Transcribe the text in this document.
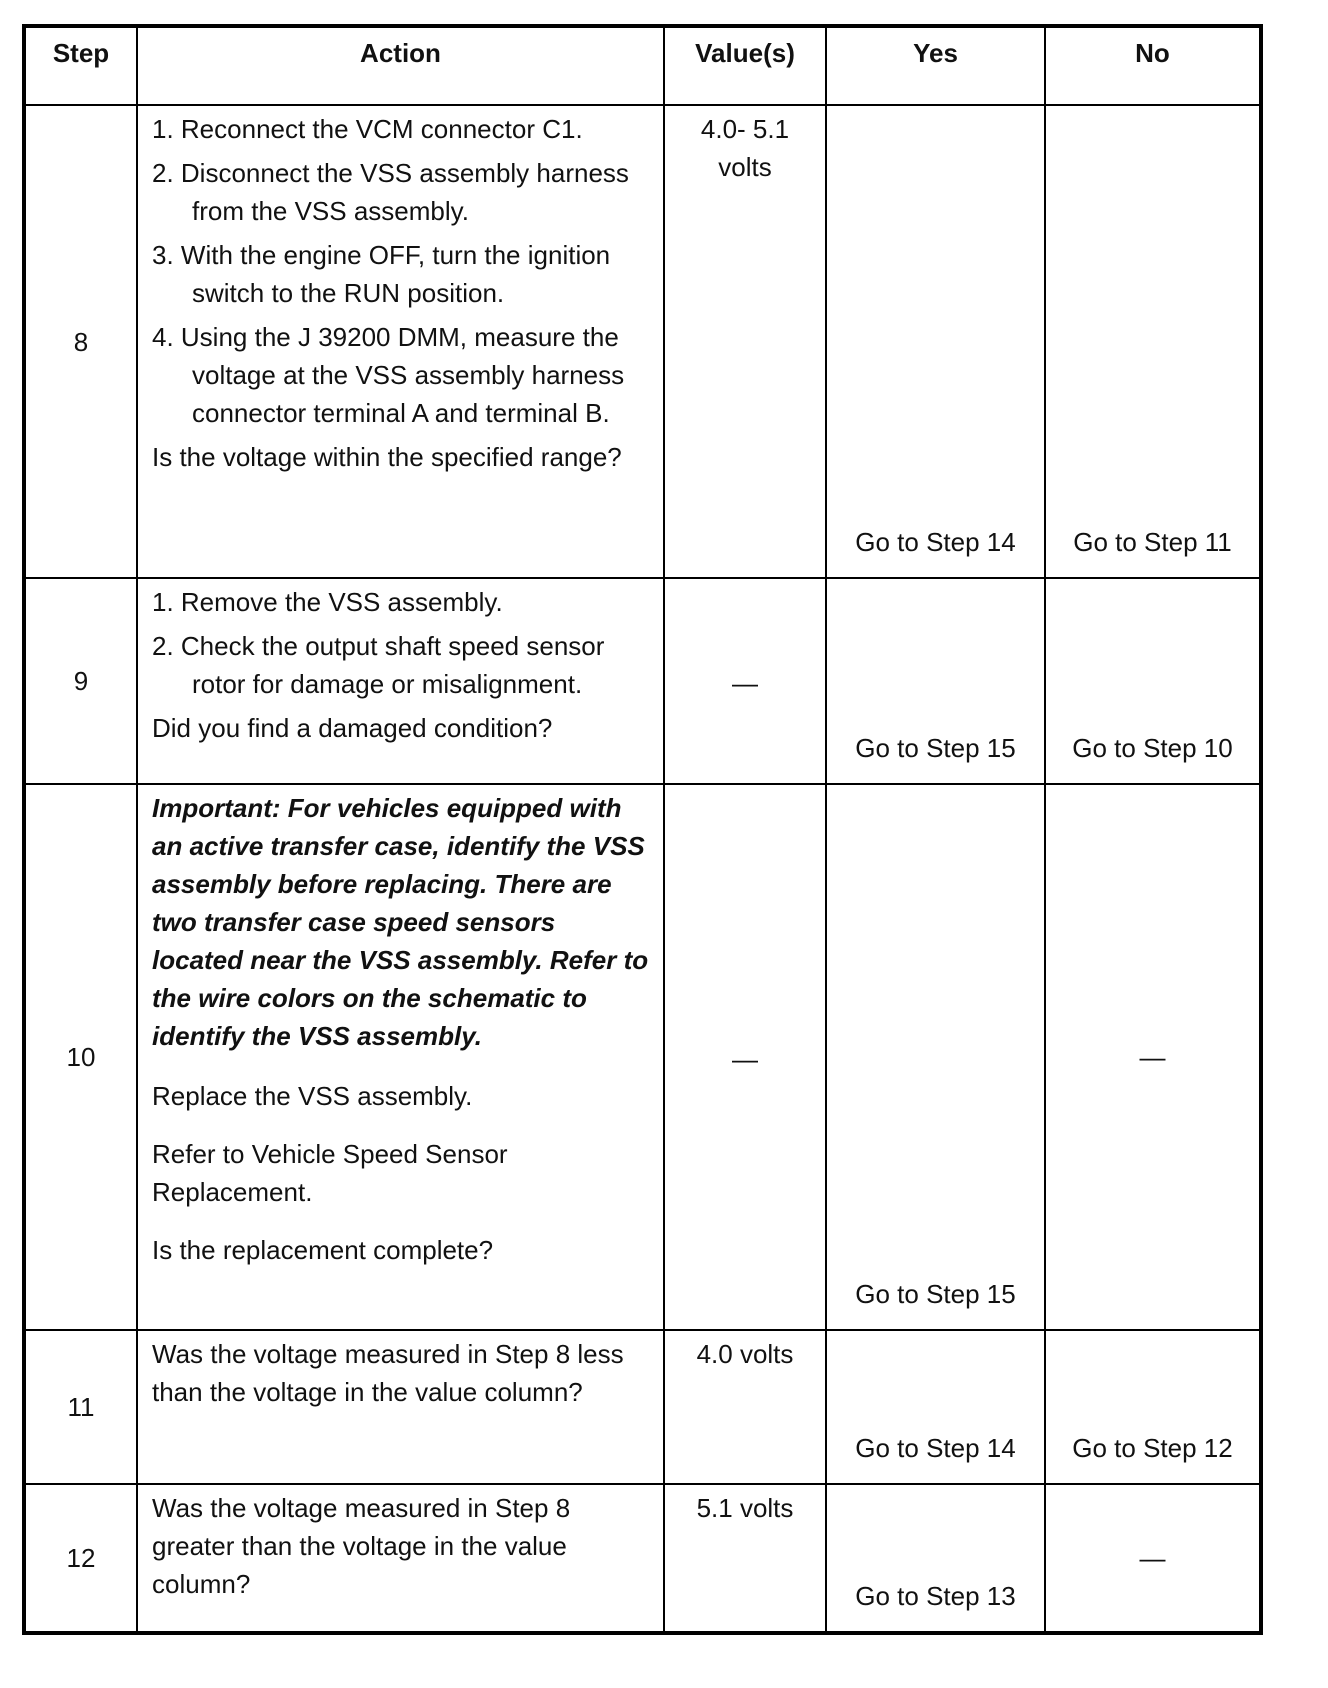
Step	Action	Value(s)	Yes	No
8	1. Reconnect the VCM connector C1.
2. Disconnect the VSS assembly harness from the VSS assembly.
3. With the engine OFF, turn the ignition switch to the RUN position.
4. Using the J 39200 DMM, measure the voltage at the VSS assembly harness connector terminal A and terminal B.
Is the voltage within the specified range?	4.0- 5.1 volts	Go to Step 14	Go to Step 11
9	1. Remove the VSS assembly.
2. Check the output shaft speed sensor rotor for damage or misalignment.
Did you find a damaged condition?	—	Go to Step 15	Go to Step 10
10	Important: For vehicles equipped with an active transfer case, identify the VSS assembly before replacing. There are two transfer case speed sensors located near the VSS assembly. Refer to the wire colors on the schematic to identify the VSS assembly.
Replace the VSS assembly.
Refer to Vehicle Speed Sensor Replacement.
Is the replacement complete?	—	Go to Step 15	—
11	Was the voltage measured in Step 8 less than the voltage in the value column?	4.0 volts	Go to Step 14	Go to Step 12
12	Was the voltage measured in Step 8 greater than the voltage in the value column?	5.1 volts	Go to Step 13	—
